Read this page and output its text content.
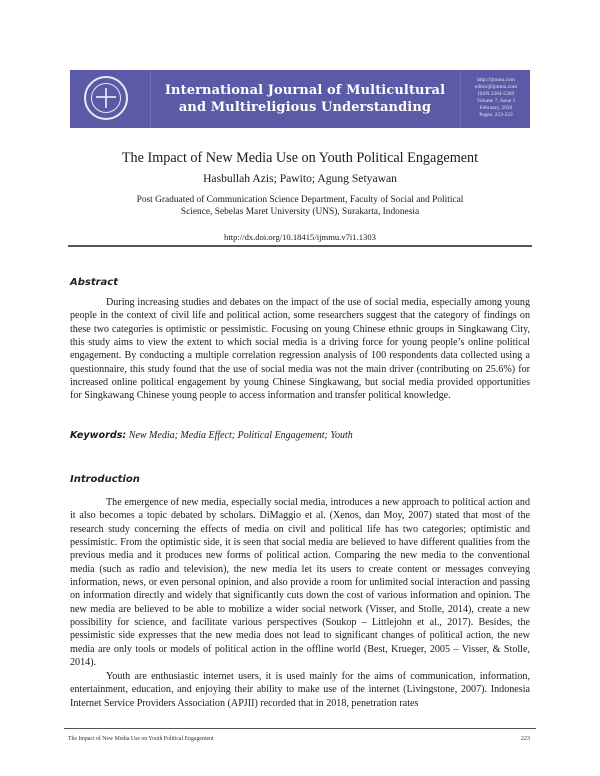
International Journal of Multicultural
and Multireligious Understanding
http://ijmmu.com
editor@ijmmu.com
ISSN 2364-5369
Volume 7, Issue 1
February, 2020
Pages: 223-233
The Impact of New Media Use on Youth Political Engagement
Hasbullah Azis; Pawito; Agung Setyawan
Post Graduated of Communication Science Department, Faculty of Social and Political Science, Sebelas Maret University (UNS), Surakarta, Indonesia
http://dx.doi.org/10.18415/ijmmu.v7i1.1303
Abstract
During increasing studies and debates on the impact of the use of social media, especially among young people in the context of civil life and political action, some researchers suggest that the category of findings on these two categories is optimistic or pessimistic. Focusing on young Chinese ethnic groups in Singkawang City, this study aims to view the extent to which social media is a driving force for young people’s online political engagement. By conducting a multiple correlation regression analysis of 100 respondents data collected using a questionnaire, this study found that the use of social media was not the main driver (contributing on 25.6%) for increased online political engagement by young Chinese Singkawang, but social media provided opportunities for Singkawang Chinese young people to access information and transfer political knowledge.
Keywords: New Media; Media Effect; Political Engagement; Youth
Introduction
The emergence of new media, especially social media, introduces a new approach to political action and it also becomes a topic debated by scholars. DiMaggio et al. (Xenos, dan Moy, 2007) stated that most of the research study concerning the effects of media on civil and political life has two categories; optimistic and pessimistic. From the optimistic side, it is seen that social media are believed to have different qualities from the previous media and it produces new forms of political action. Comparing the new media to the conventional media (such as radio and television), the new media let its users to create content or messages conveying information, news, or even personal opinion, and also provide a room for unlimited social interaction and passing on information directly and widely that significantly cuts down the cost of various information and opinion. The new media are believed to be able to mobilize a wider social network (Visser, and Stolle, 2014), create a new possibility for science, and facilitate various perspectives (Soukop – Littlejohn et al., 2017). Besides, the pessimistic side expresses that the new media does not lead to significant changes of political action, the new media are only tools or models of political action in the offline world (Best, Krueger, 2005 – Visser, & Stolle, 2014).
Youth are enthusiastic internet users, it is used mainly for the aims of communication, information, entertainment, education, and enjoying their ability to make use of the internet (Livingstone, 2007). Indonesia Internet Service Providers Association (APJII) recorded that in 2018, penetration rates
The Impact of New Media Use on Youth Political Engagement	223
